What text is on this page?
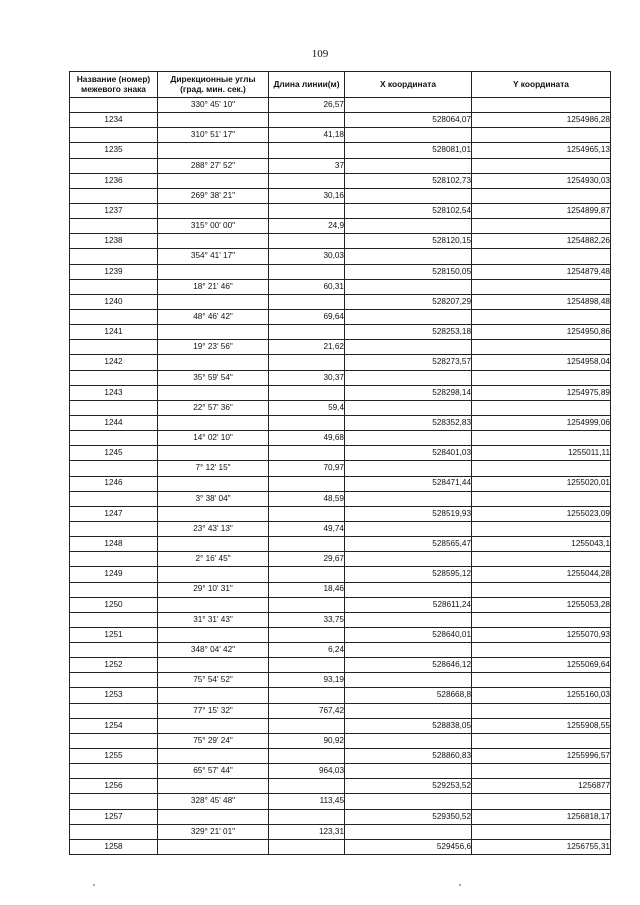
109
Название (номер) межевого знака	Дирекционные углы (град. мин. сек.)	Длина линии(м)	X координата	Y координата
	330° 45' 10"	26,57		
1234			528064,07	1254986,28
	310° 51' 17"	41,18		
1235			528081,01	1254965,13
	288° 27' 52"	37		
1236			528102,73	1254930,03
	269° 38' 21"	30,16		
1237			528102,54	1254899,87
	315° 00' 00"	24,9		
1238			528120,15	1254882,26
	354° 41' 17"	30,03		
1239			528150,05	1254879,48
	18° 21' 46"	60,31		
1240			528207,29	1254898,48
	48° 46' 42"	69,64		
1241			528253,18	1254950,86
	19° 23' 56"	21,62		
1242			528273,57	1254958,04
	35° 59' 54"	30,37		
1243			528298,14	1254975,89
	22° 57' 36"	59,4		
1244			528352,83	1254999,06
	14° 02' 10"	49,68		
1245			528401,03	1255011,11
	7° 12' 15"	70,97		
1246			528471,44	1255020,01
	3° 38' 04"	48,59		
1247			528519,93	1255023,09
	23° 43' 13"	49,74		
1248			528565,47	1255043,1
	2° 16' 45"	29,67		
1249			528595,12	1255044,28
	29° 10' 31"	18,46		
1250			528611,24	1255053,28
	31° 31' 43"	33,75		
1251			528640,01	1255070,93
	348° 04' 42"	6,24		
1252			528646,12	1255069,64
	75° 54' 52"	93,19		
1253			528668,8	1255160,03
	77° 15' 32"	767,42		
1254			528838,05	1255908,55
	75° 29' 24"	90,92		
1255			528860,83	1255996,57
	65° 57' 44"	964,03		
1256			529253,52	1256877
	328° 45' 48"	113,45		
1257			529350,52	1256818,17
	329° 21' 01"	123,31		
1258			529456,6	1256755,31
